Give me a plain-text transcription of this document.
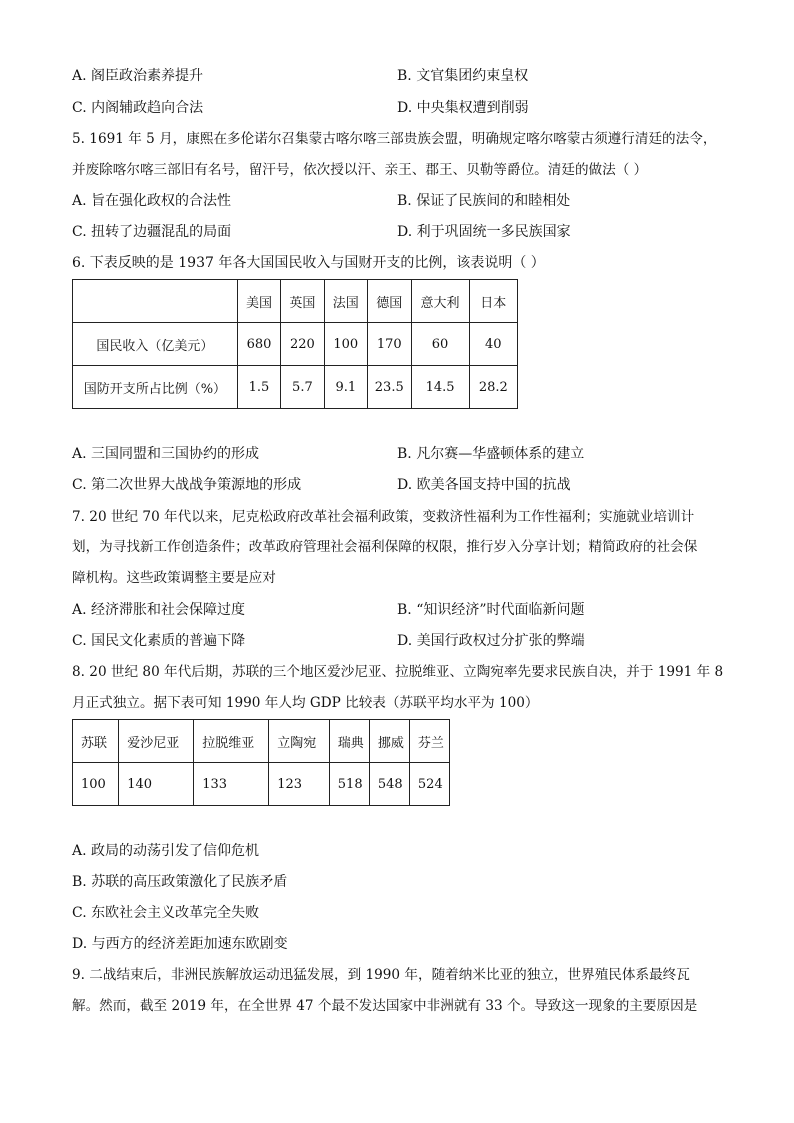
A. 阁臣政治素养提升	B. 文官集团约束皇权
C. 内阁辅政趋向合法	D. 中央集权遭到削弱
5. 1691 年 5 月，康熙在多伦诺尔召集蒙古喀尔喀三部贵族会盟，明确规定喀尔喀蒙古须遵行清廷的法令，
并废除喀尔喀三部旧有名号，留汗号，依次授以汗、亲王、郡王、贝勒等爵位。清廷的做法（ ）
A. 旨在强化政权的合法性	B. 保证了民族间的和睦相处
C. 扭转了边疆混乱的局面	D. 利于巩固统一多民族国家
6. 下表反映的是 1937 年各大国国民收入与国财开支的比例，该表说明（ ）
	美国	英国	法国	德国	意大利	日本
国民收入（亿美元）	680	220	100	170	60	40
国防开支所占比例（%）	1.5	5.7	9.1	23.5	14.5	28.2
A. 三国同盟和三国协约的形成	B. 凡尔赛—华盛顿体系的建立
C. 第二次世界大战战争策源地的形成	D. 欧美各国支持中国的抗战
7. 20 世纪 70 年代以来，尼克松政府改革社会福利政策，变救济性福利为工作性福利；实施就业培训计
划，为寻找新工作创造条件；改革政府管理社会福利保障的权限，推行岁入分享计划；精简政府的社会保
障机构。这些政策调整主要是应对
A. 经济滞胀和社会保障过度	B. “知识经济”时代面临新问题
C. 国民文化素质的普遍下降	D. 美国行政权过分扩张的弊端
8. 20 世纪 80 年代后期，苏联的三个地区爱沙尼亚、拉脱维亚、立陶宛率先要求民族自决，并于 1991 年 8
月正式独立。据下表可知 1990 年人均 GDP 比较表（苏联平均水平为 100）
苏联	爱沙尼亚	拉脱维亚	立陶宛	瑞典	挪威	芬兰
100	140	133	123	518	548	524
A. 政局的动荡引发了信仰危机
B. 苏联的高压政策激化了民族矛盾
C. 东欧社会主义改革完全失败
D. 与西方的经济差距加速东欧剧变
9. 二战结束后，非洲民族解放运动迅猛发展，到 1990 年，随着纳米比亚的独立，世界殖民体系最终瓦
解。然而，截至 2019 年，在全世界 47 个最不发达国家中非洲就有 33 个。导致这一现象的主要原因是
